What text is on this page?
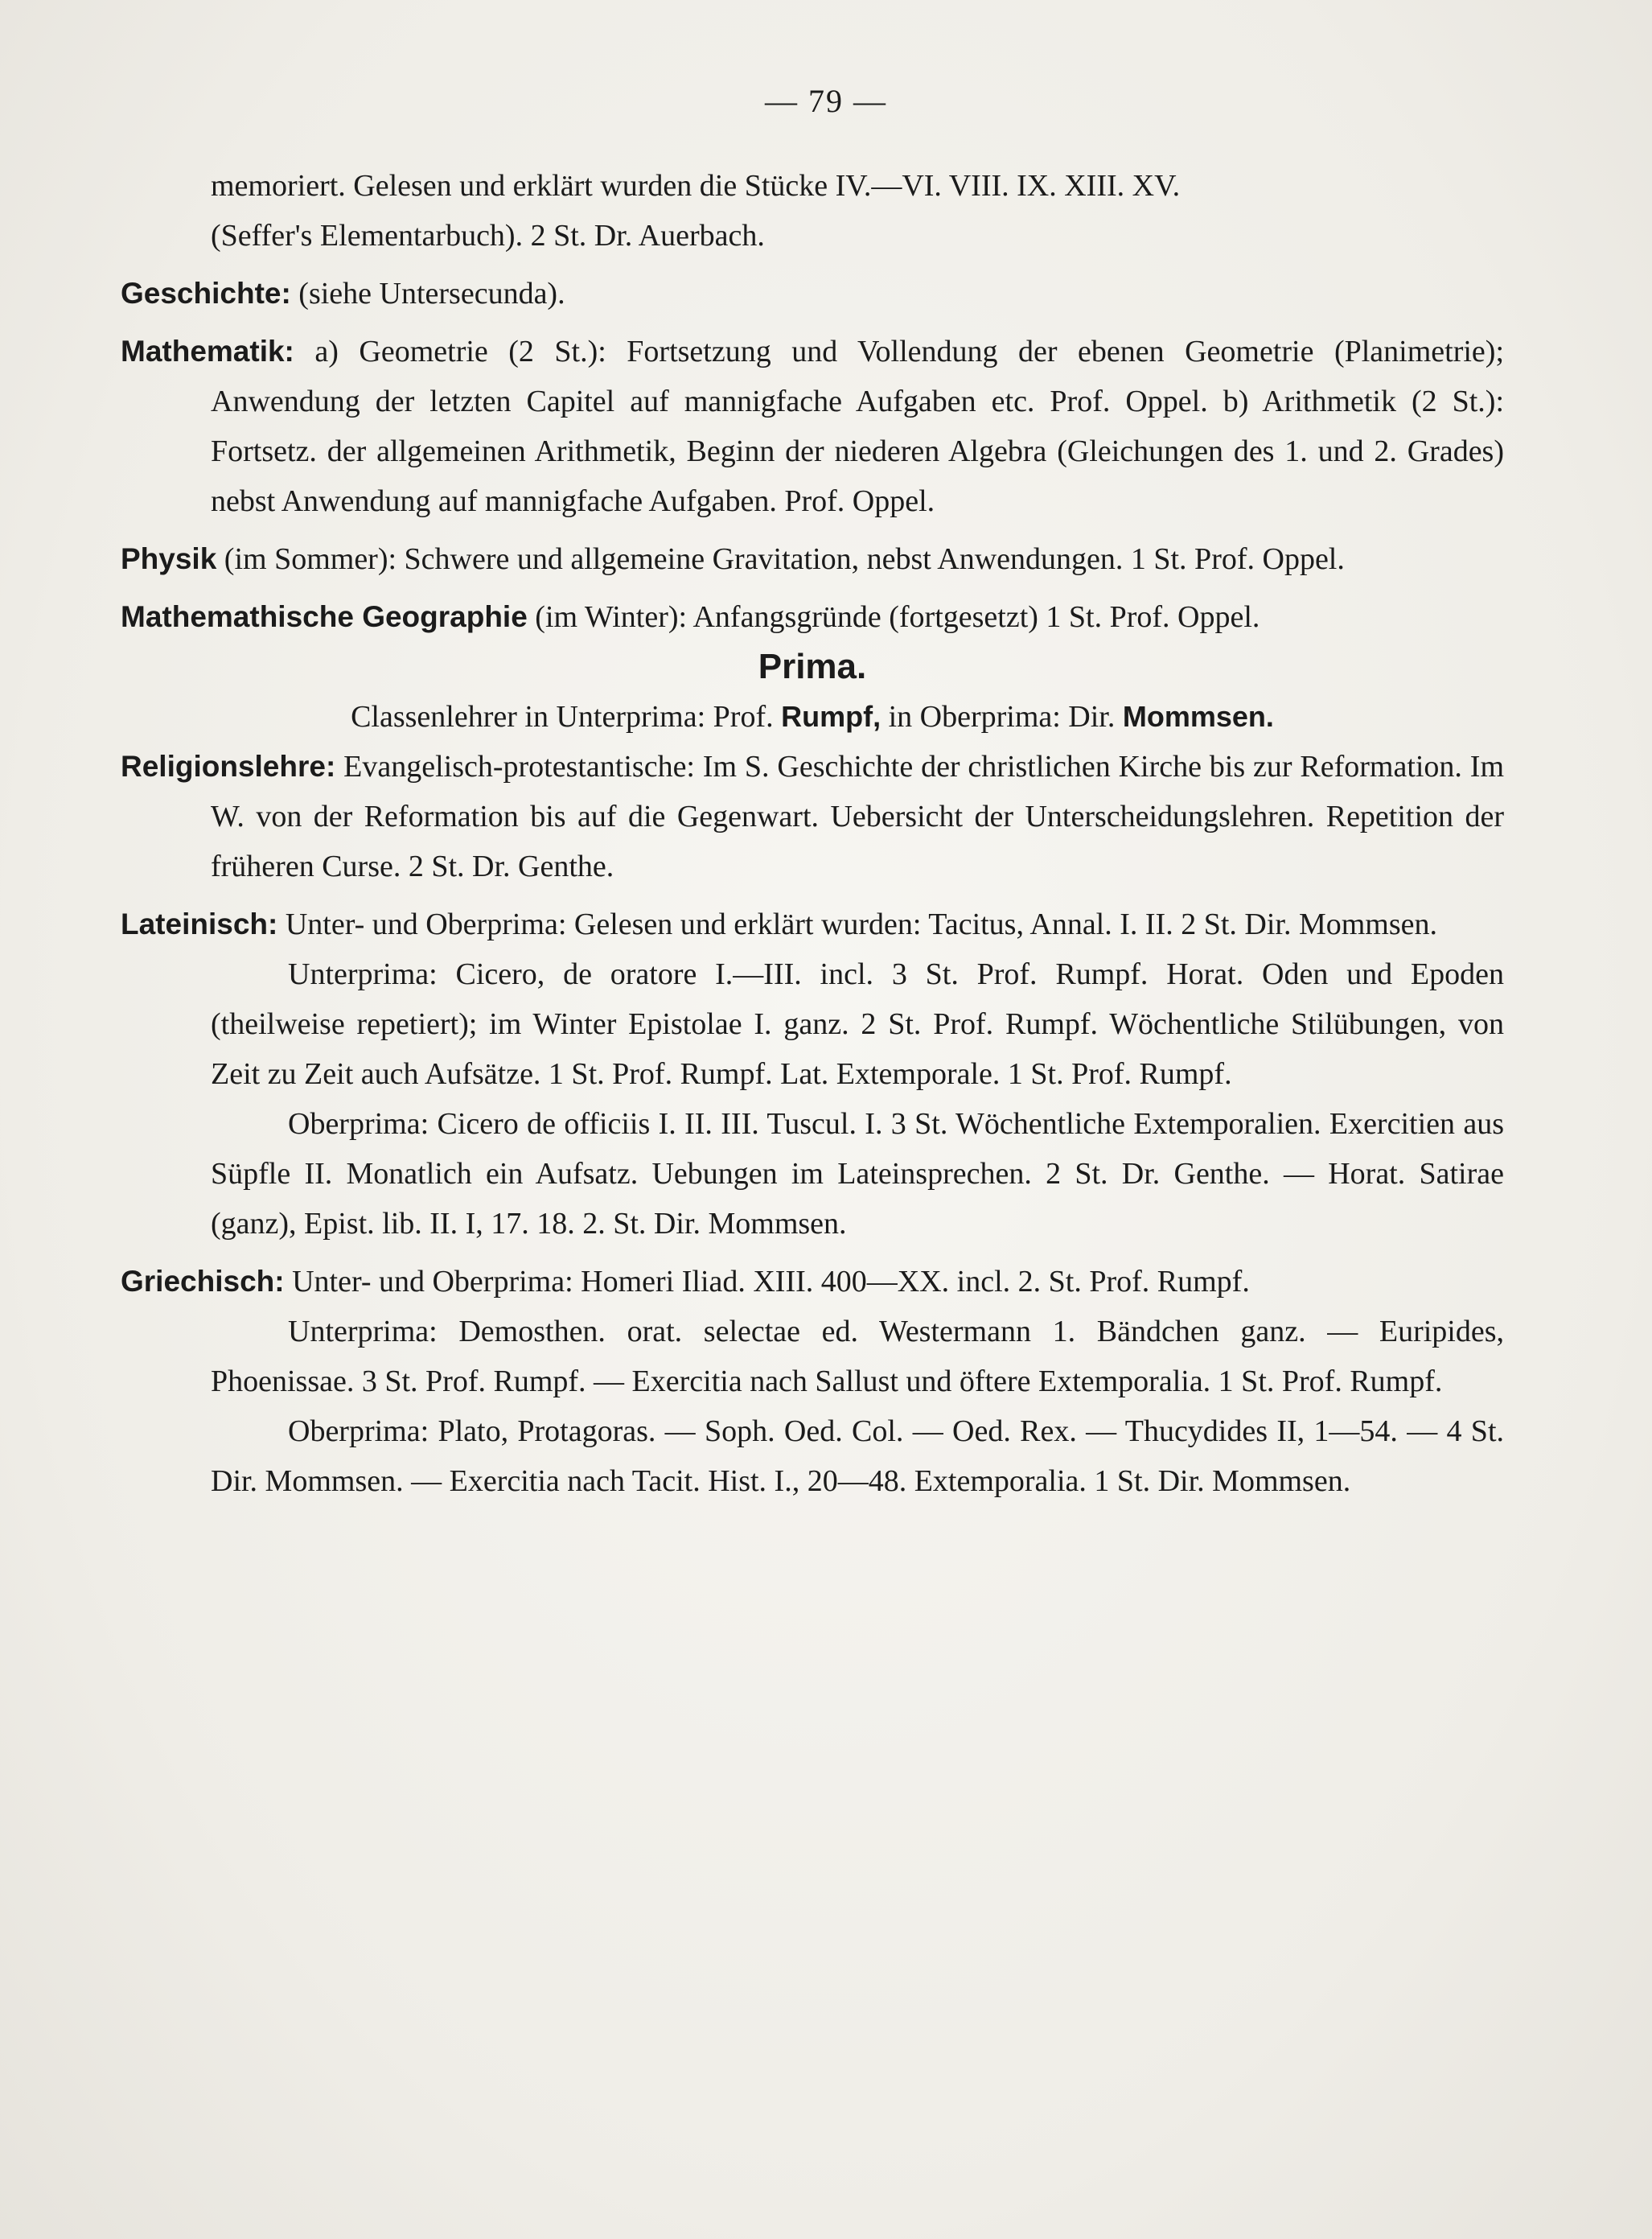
— 79 —

memoriert. Gelesen und erklärt wurden die Stücke IV.—VI. VIII. IX. XIII. XV.

(Seffer's Elementarbuch). 2 St. Dr. Auerbach.

Geschichte: (siehe Untersecunda).

Mathematik: a) Geometrie (2 St.): Fortsetzung und Vollendung der ebenen Geometrie (Planimetrie); Anwendung der letzten Capitel auf mannigfache Aufgaben etc. Prof. Oppel. b) Arithmetik (2 St.): Fortsetz. der allgemeinen Arithmetik, Beginn der niederen Algebra (Gleichungen des 1. und 2. Grades) nebst Anwendung auf mannigfache Aufgaben. Prof. Oppel.

Physik (im Sommer): Schwere und allgemeine Gravitation, nebst Anwendungen. 1 St. Prof. Oppel.

Mathemathische Geographie (im Winter): Anfangsgründe (fortgesetzt) 1 St. Prof. Oppel.

Prima.

Classenlehrer in Unterprima: Prof. Rumpf, in Oberprima: Dir. Mommsen.

Religionslehre: Evangelisch-protestantische: Im S. Geschichte der christlichen Kirche bis zur Reformation. Im W. von der Reformation bis auf die Gegenwart. Uebersicht der Unterscheidungslehren. Repetition der früheren Curse. 2 St. Dr. Genthe.

Lateinisch: Unter- und Oberprima: Gelesen und erklärt wurden: Tacitus, Annal. I. II. 2 St. Dir. Mommsen.

Unterprima: Cicero, de oratore I.—III. incl. 3 St. Prof. Rumpf. Horat. Oden und Epoden (theilweise repetiert); im Winter Epistolae I. ganz. 2 St. Prof. Rumpf. Wöchentliche Stilübungen, von Zeit zu Zeit auch Aufsätze. 1 St. Prof. Rumpf. Lat. Extemporale. 1 St. Prof. Rumpf.

Oberprima: Cicero de officiis I. II. III. Tuscul. I. 3 St. Wöchentliche Extemporalien. Exercitien aus Süpfle II. Monatlich ein Aufsatz. Uebungen im Lateinsprechen. 2 St. Dr. Genthe. — Horat. Satirae (ganz), Epist. lib. II. I, 17. 18. 2. St. Dir. Mommsen.

Griechisch: Unter- und Oberprima: Homeri Iliad. XIII. 400—XX. incl. 2. St. Prof. Rumpf.

Unterprima: Demosthen. orat. selectae ed. Westermann 1. Bändchen ganz. — Euripides, Phoenissae. 3 St. Prof. Rumpf. — Exercitia nach Sallust und öftere Extemporalia. 1 St. Prof. Rumpf.

Oberprima: Plato, Protagoras. — Soph. Oed. Col. — Oed. Rex. — Thucydides II, 1—54. — 4 St. Dir. Mommsen. — Exercitia nach Tacit. Hist. I., 20—48. Extemporalia. 1 St. Dir. Mommsen.
